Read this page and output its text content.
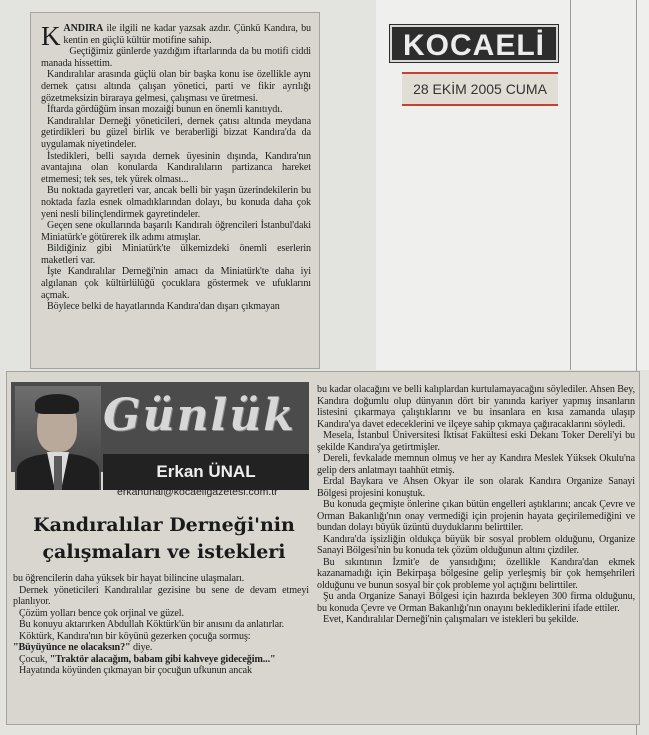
KANDIRA ile ilgili ne kadar yazsak azdır. Çünkü Kandıra, bu kentin en güçlü kültür motifine sahip.

Geçtiğimiz günlerde yazdığım iftarlarında da bu motifi ciddi manada hissettim.

Kandıralılar arasında güçlü olan bir başka konu ise özellikle aynı dernek çatısı altında çalışan yönetici, parti ve fikir ayrılığı gözetmeksizin biraraya gelmesi, çalışması ve üretmesi.

İftarda gördüğüm insan mozaiği bunun en önemli kanıtıydı.

Kandıralılar Derneği yöneticileri, dernek çatısı altında meydana getirdikleri bu güzel birlik ve beraberliği bizzat Kandıra'da da uygulamak niyetindeler.

İstedikleri, belli sayıda dernek üyesinin dışında, Kandıra'nın avantajına olan konularda Kandıralıların partizanca hareket etmemesi; tek ses, tek yürek olması...

Bu noktada gayretleri var, ancak belli bir yaşın üzerindekilerin bu noktada fazla esnek olmadıklarından dolayı, bu konuda daha çok yeni nesli bilinçlendirmek gayretindeler.

Geçen sene okullarında başarılı Kandıralı öğrencileri İstanbul'daki Miniatürk'e götürerek ilk adımı atmışlar.

Bildiğiniz gibi Miniatürk'te ülkemizdeki önemli eserlerin maketleri var.

İşte Kandıralılar Derneği'nin amacı da Miniatürk'te daha iyi algılanan çok kültürlülüğü çocuklara göstermek ve ufuklarını açmak.

Böylece belki de hayatlarında Kandıra'dan dışarı çıkmayan

KOCAELİ
28 EKİM 2005 CUMA
Günlük
Erkan ÜNAL
erkanunal@kocaeligazetesi.com.tr
Kandıralılar Derneği'nin
çalışmaları ve istekleri

bu öğrencilerin daha yüksek bir hayat bilincine ulaşmaları.

Dernek yöneticileri Kandıralılar gezisine bu sene de devam etmeyi planlıyor.

Çözüm yolları bence çok orjinal ve güzel.

Bu konuyu aktarırken Abdullah Köktürk'ün bir anısını da anlatırlar.

Köktürk, Kandıra'nın bir köyünü gezerken çocuğa sormuş:
"Büyüyünce ne olacaksın?" diye.

Çocuk, "Traktör alacağım, babam gibi kahveye gideceğim..."

Hayatında köyünden çıkmayan bir çocuğun ufkunun ancak

bu kadar olacağını ve belli kalıplardan kurtulamayacağını söylediler. Ahsen Bey, Kandıra doğumlu olup dünyanın dört bir yanında kariyer yapmış insanların listesini çıkarmaya çalıştıklarını ve bu insanlara en kısa zamanda ulaşıp Kandıra'ya davet edeceklerini ve ilçeye sahip çıkmaya çağıracaklarını söyledi.

Mesela, İstanbul Üniversitesi İktisat Fakültesi eski Dekanı Toker Dereli'yi bu şekilde Kandıra'ya getirtmişler.

Dereli, fevkalade memnun olmuş ve her ay Kandıra Meslek Yüksek Okulu'na gelip ders anlatmayı taahhüt etmiş.

Erdal Baykara ve Ahsen Okyar ile son olarak Kandıra Organize Sanayi Bölgesi projesini konuştuk.

Bu konuda geçmişte önlerine çıkan bütün engelleri aştıklarını; ancak Çevre ve Orman Bakanlığı'nın onay vermediği için projenin hayata geçirilemediğini ve bundan dolayı büyük üzüntü duyduklarını belirttiler.

Kandıra'da işsizliğin oldukça büyük bir sosyal problem olduğunu, Organize Sanayi Bölgesi'nin bu konuda tek çözüm olduğunun altını çizdiler.

Bu sıkıntının İzmit'e de yansıdığını; özellikle Kandıra'dan ekmek kazanamadığı için Bekirpaşa bölgesine gelip yerleşmiş bir çok hemşehrileri olduğunu ve bunun sosyal bir çok probleme yol açtığını belirttiler.

Şu anda Organize Sanayi Bölgesi için hazırda bekleyen 300 firma olduğunu, bu konuda Çevre ve Orman Bakanlığı'nın onayını beklediklerini ifade ettiler.

Evet, Kandıralılar Derneği'nin çalışmaları ve istekleri bu şekilde.
